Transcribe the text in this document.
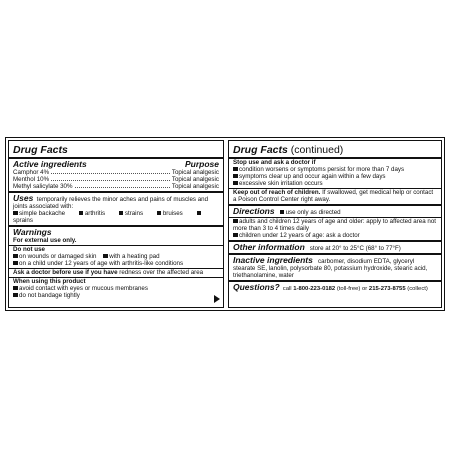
Drug Facts
Active ingredients	Purpose
Camphor 4%	Topical analgesic
Menthol 10%	Topical analgesic
Methyl salicylate 30%	Topical analgesic
Uses temporarily relieves the minor aches and pains of muscles and joints associated with:
simple backache	arthritis	strains	bruises sprains
Warnings
For external use only.
Do not use
on wounds or damaged skin with a heating pad
on a child under 12 years of age with arthritis-like conditions
Ask a doctor before use if you have redness over the affected area
When using this product
avoid contact with eyes or mucous membranes
do not bandage tightly
Drug Facts (continued)
Stop use and ask a doctor if
condition worsens or symptoms persist for more than 7 days
symptoms clear up and occur again within a few days
excessive skin irritation occurs
Keep out of reach of children. If swallowed, get medical help or contact a Poison Control Center right away.
Directions	use only as directed
adults and children 12 years of age and older: apply to affected area not more than 3 to 4 times daily
children under 12 years of age: ask a doctor
Other information store at 20° to 25°C (68° to 77°F)
Inactive ingredients carbomer, disodium EDTA, glyceryl stearate SE, lanolin, polysorbate 80, potassium hydroxide, stearic acid, triethanolamine, water
Questions? call 1-800-223-0182 (toll-free) or 215-273-8755 (collect)
